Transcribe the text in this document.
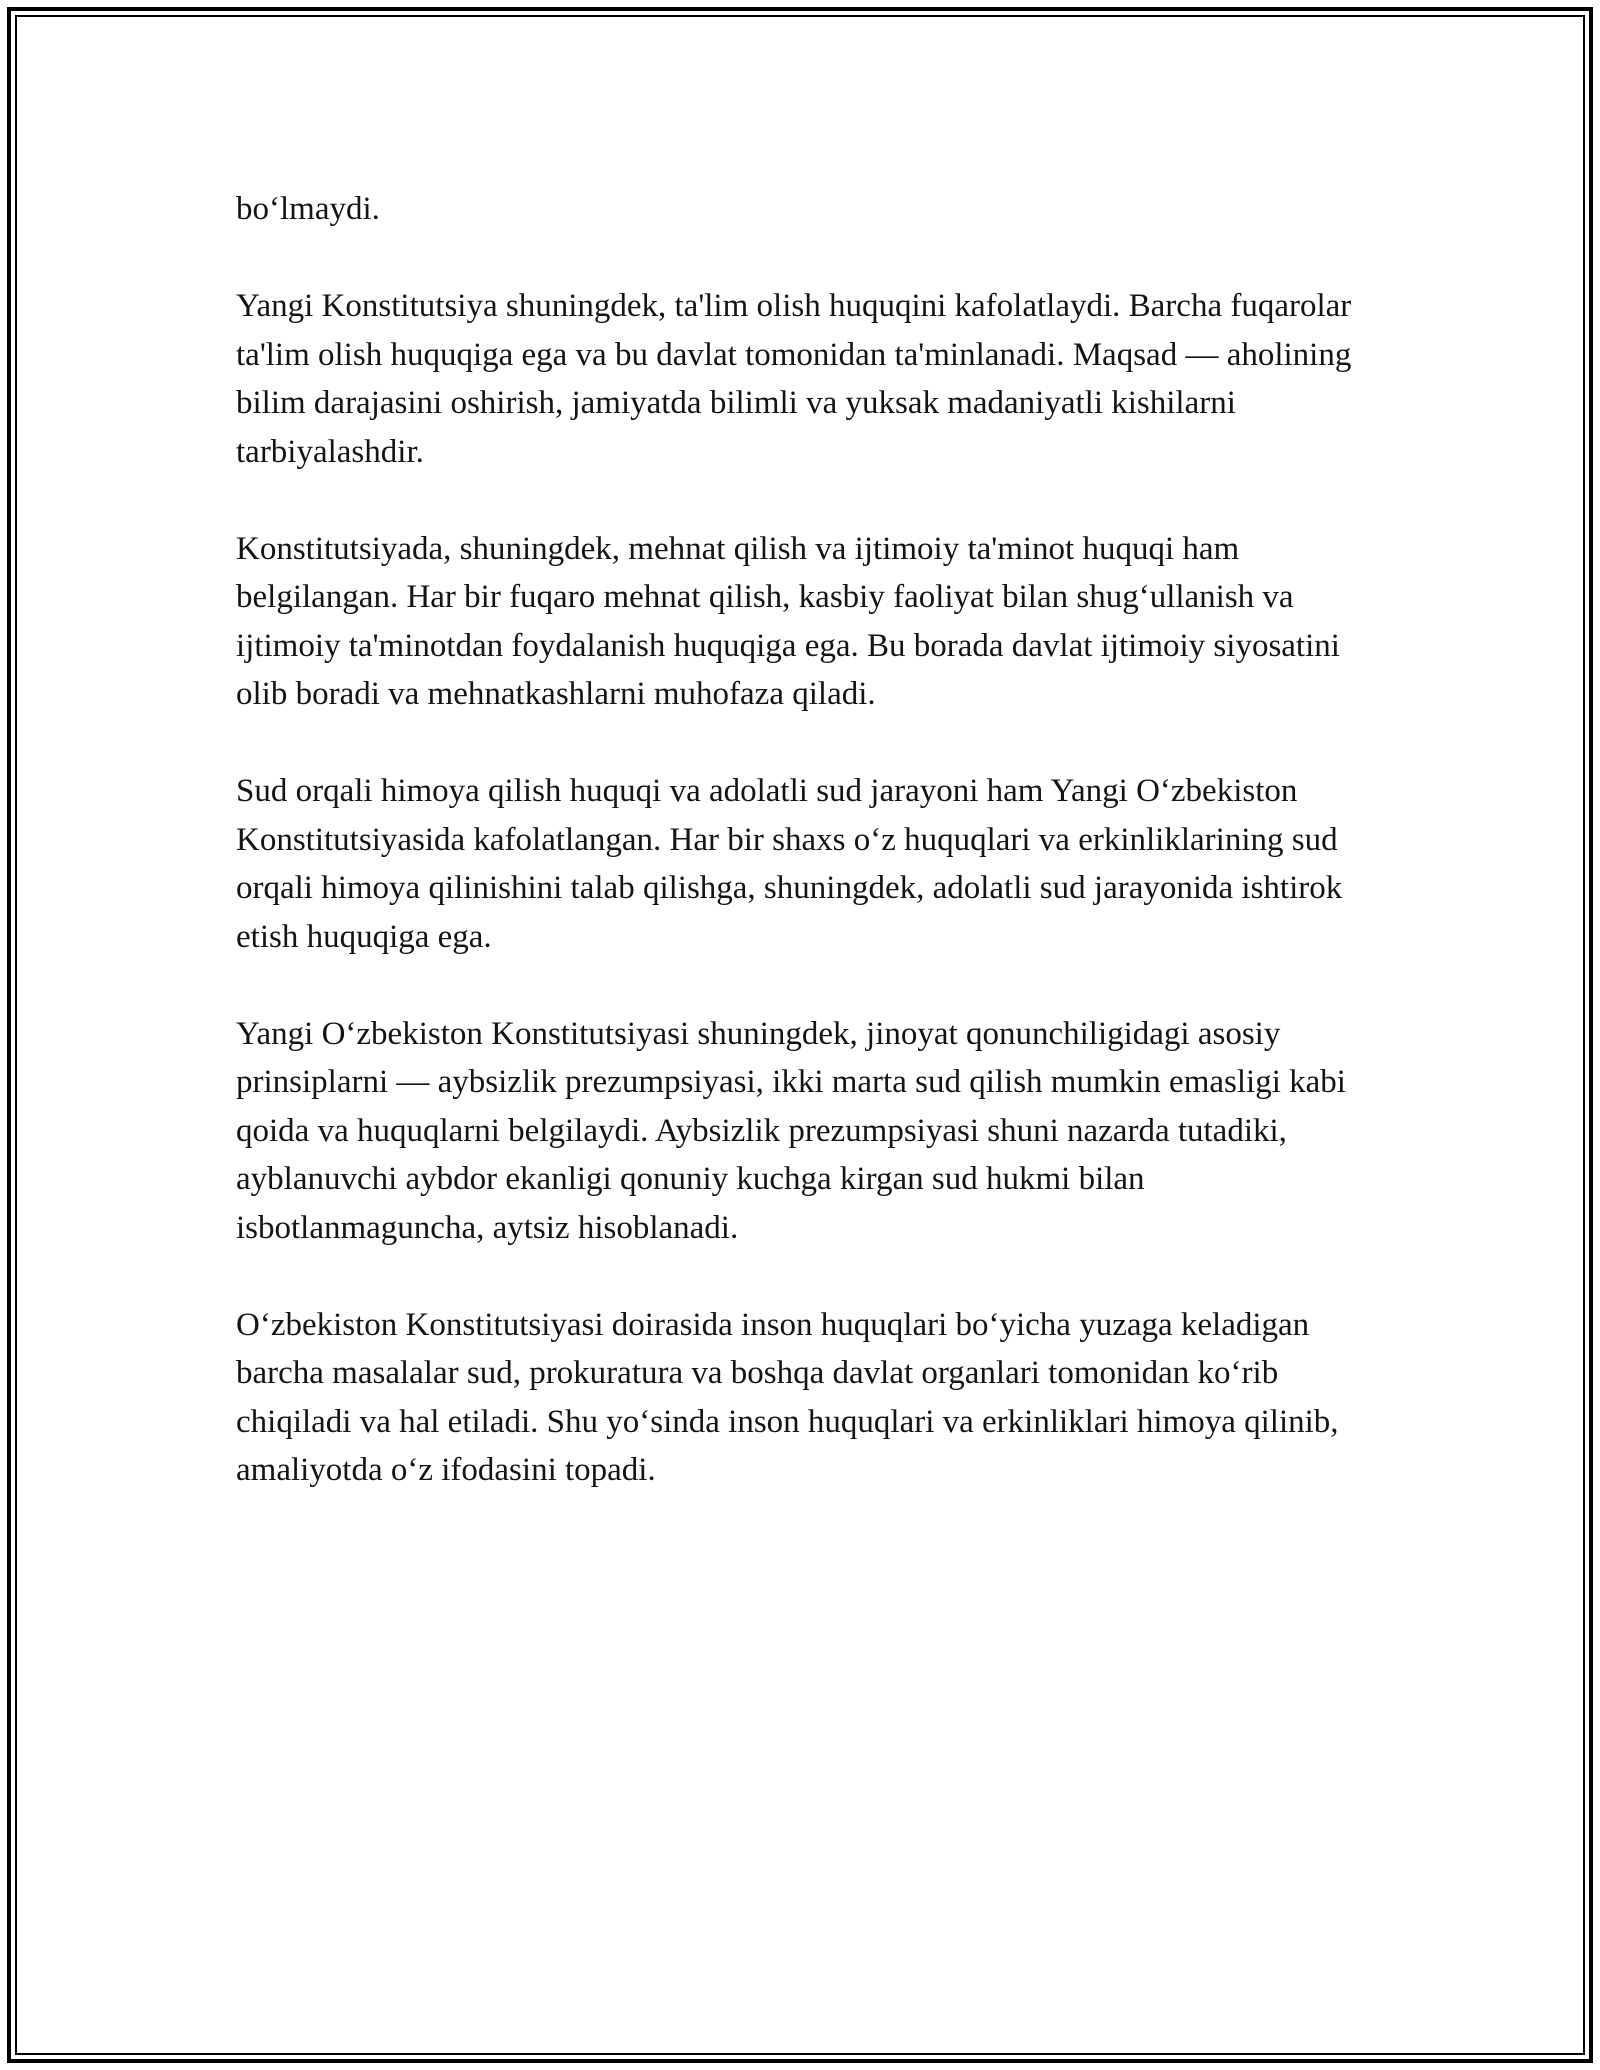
bo‘lmaydi.

Yangi Konstitutsiya shuningdek, ta'lim olish huquqini kafolatlaydi. Barcha fuqarolar ta'lim olish huquqiga ega va bu davlat tomonidan ta'minlanadi. Maqsad — aholining bilim darajasini oshirish, jamiyatda bilimli va yuksak madaniyatli kishilarni tarbiyalashdir.

Konstitutsiyada, shuningdek, mehnat qilish va ijtimoiy ta'minot huquqi ham belgilangan. Har bir fuqaro mehnat qilish, kasbiy faoliyat bilan shug‘ullanish va ijtimoiy ta'minotdan foydalanish huquqiga ega. Bu borada davlat ijtimoiy siyosatini olib boradi va mehnatkashlarni muhofaza qiladi.

Sud orqali himoya qilish huquqi va adolatli sud jarayoni ham Yangi O‘zbekiston Konstitutsiyasida kafolatlangan. Har bir shaxs o‘z huquqlari va erkinliklarining sud orqali himoya qilinishini talab qilishga, shuningdek, adolatli sud jarayonida ishtirok etish huquqiga ega.

Yangi O‘zbekiston Konstitutsiyasi shuningdek, jinoyat qonunchiligidagi asosiy prinsiplarni — aybsizlik prezumpsiyasi, ikki marta sud qilish mumkin emasligi kabi qoida va huquqlarni belgilaydi. Aybsizlik prezumpsiyasi shuni nazarda tutadiki, ayblanuvchi aybdor ekanligi qonuniy kuchga kirgan sud hukmi bilan isbotlanmaguncha, aytsiz hisoblanadi.

O‘zbekiston Konstitutsiyasi doirasida inson huquqlari bo‘yicha yuzaga keladigan barcha masalalar sud, prokuratura va boshqa davlat organlari tomonidan ko‘rib chiqiladi va hal etiladi. Shu yo‘sinda inson huquqlari va erkinliklari himoya qilinib, amaliyotda o‘z ifodasini topadi.
